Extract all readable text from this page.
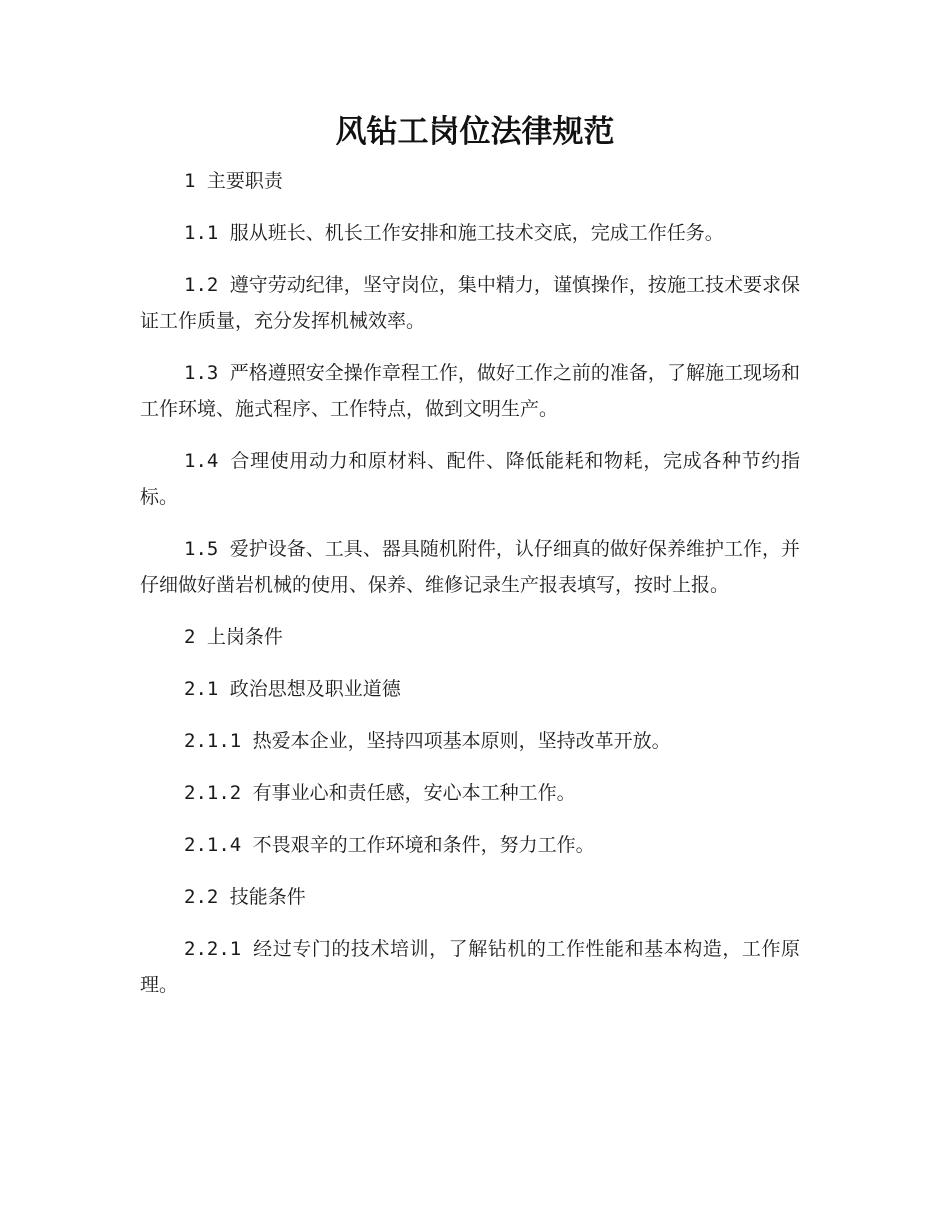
风钻工岗位法律规范

1 主要职责

1.1 服从班长、机长工作安排和施工技术交底，完成工作任务。

1.2 遵守劳动纪律，坚守岗位，集中精力，谨慎操作，按施工技术要求保证工作质量，充分发挥机械效率。

1.3 严格遵照安全操作章程工作，做好工作之前的准备，了解施工现场和工作环境、施式程序、工作特点，做到文明生产。

1.4 合理使用动力和原材料、配件、降低能耗和物耗，完成各种节约指标。

1.5 爱护设备、工具、器具随机附件，认仔细真的做好保养维护工作，并仔细做好凿岩机械的使用、保养、维修记录生产报表填写，按时上报。

2 上岗条件

2.1 政治思想及职业道德

2.1.1 热爱本企业，坚持四项基本原则，坚持改革开放。

2.1.2 有事业心和责任感，安心本工种工作。

2.1.4 不畏艰辛的工作环境和条件，努力工作。

2.2 技能条件

2.2.1 经过专门的技术培训，了解钻机的工作性能和基本构造，工作原理。
